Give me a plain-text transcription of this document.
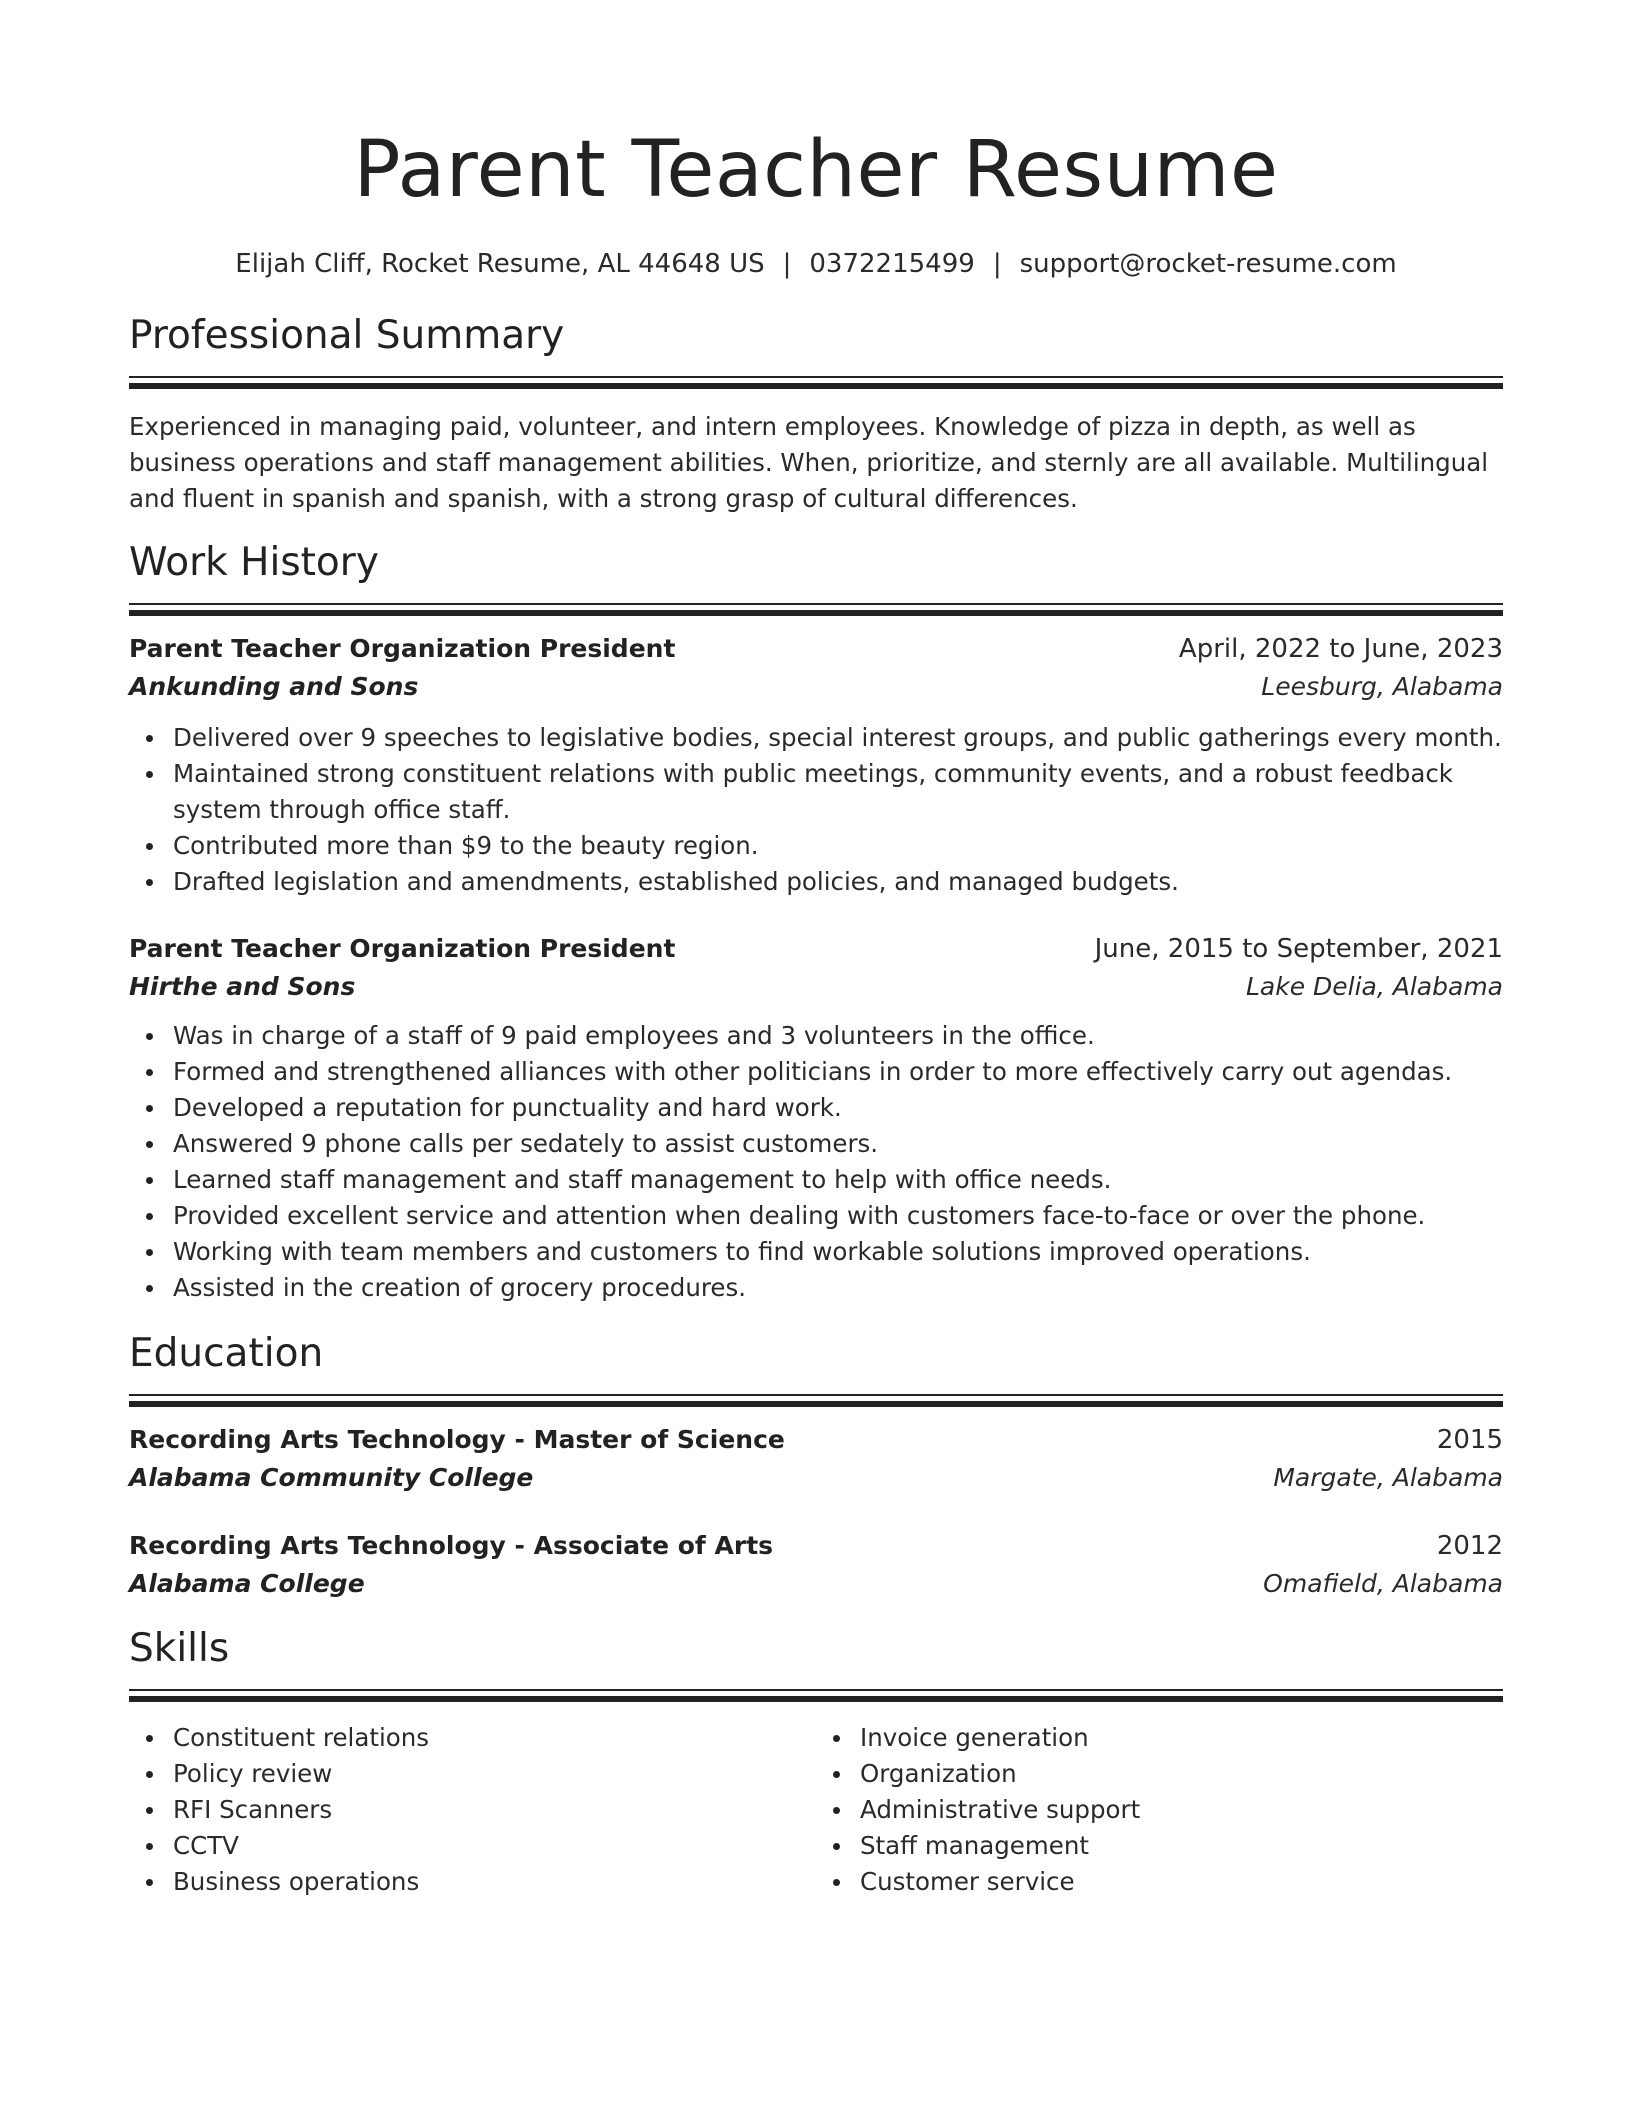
Parent Teacher Resume
Elijah Cliff, Rocket Resume, AL 44648 US | 0372215499 | support@rocket-resume.com
Professional Summary
Experienced in managing paid, volunteer, and intern employees. Knowledge of pizza in depth, as well as business operations and staff management abilities. When, prioritize, and sternly are all available. Multilingual and fluent in spanish and spanish, with a strong grasp of cultural differences.
Work History
Parent Teacher Organization President	April, 2022 to June, 2023
Ankunding and Sons	Leesburg, Alabama
Delivered over 9 speeches to legislative bodies, special interest groups, and public gatherings every month.
Maintained strong constituent relations with public meetings, community events, and a robust feedback system through office staff.
Contributed more than $9 to the beauty region.
Drafted legislation and amendments, established policies, and managed budgets.
Parent Teacher Organization President	June, 2015 to September, 2021
Hirthe and Sons	Lake Delia, Alabama
Was in charge of a staff of 9 paid employees and 3 volunteers in the office.
Formed and strengthened alliances with other politicians in order to more effectively carry out agendas.
Developed a reputation for punctuality and hard work.
Answered 9 phone calls per sedately to assist customers.
Learned staff management and staff management to help with office needs.
Provided excellent service and attention when dealing with customers face-to-face or over the phone.
Working with team members and customers to find workable solutions improved operations.
Assisted in the creation of grocery procedures.
Education
Recording Arts Technology - Master of Science	2015
Alabama Community College	Margate, Alabama
Recording Arts Technology - Associate of Arts	2012
Alabama College	Omafield, Alabama
Skills
Constituent relations
Policy review
RFI Scanners
CCTV
Business operations
Invoice generation
Organization
Administrative support
Staff management
Customer service
